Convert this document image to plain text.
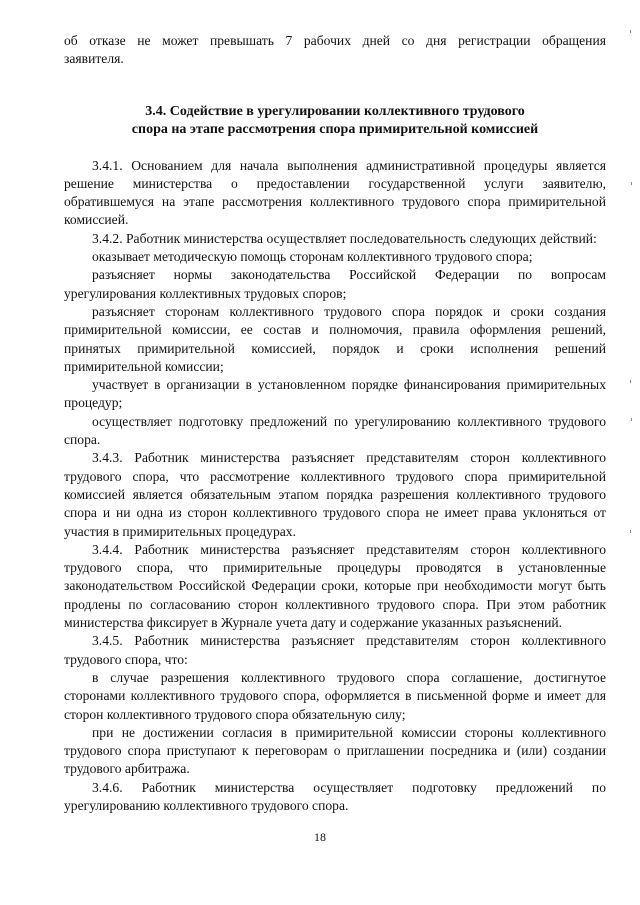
об отказе не может превышать 7 рабочих дней со дня регистрации обращения

заявителя.

3.4. Содействие в урегулировании коллективного трудового
спора на этапе рассмотрения спора примирительной комиссией

3.4.1. Основанием для начала выполнения административной процедуры является решение министерства о предоставлении государственной услуги заявителю, обратившемуся на этапе рассмотрения коллективного трудового спора примирительной комиссией.

3.4.2. Работник министерства осуществляет последовательность следующих действий:

оказывает методическую помощь сторонам коллективного трудового спора;

разъясняет нормы законодательства Российской Федерации по вопросам урегулирования коллективных трудовых споров;

разъясняет сторонам коллективного трудового спора порядок и сроки создания примирительной комиссии, ее состав и полномочия, правила оформления решений, принятых примирительной комиссией, порядок и сроки исполнения решений примирительной комиссии;

участвует в организации в установленном порядке финансирования примирительных процедур;

осуществляет подготовку предложений по урегулированию коллективного трудового спора.

3.4.3. Работник министерства разъясняет представителям сторон коллективного трудового спора, что рассмотрение коллективного трудового спора примирительной комиссией является обязательным этапом порядка разрешения коллективного трудового спора и ни одна из сторон коллективного трудового спора не имеет права уклоняться от участия в примирительных процедурах.

3.4.4. Работник министерства разъясняет представителям сторон коллективного трудового спора, что примирительные процедуры проводятся в установленные законодательством Российской Федерации сроки, которые при необходимости могут быть продлены по согласованию сторон коллективного трудового спора. При этом работник министерства фиксирует в Журнале учета дату и содержание указанных разъяснений.

3.4.5. Работник министерства разъясняет представителям сторон коллективного трудового спора, что:

в случае разрешения коллективного трудового спора соглашение, достигнутое сторонами коллективного трудового спора, оформляется в письменной форме и имеет для сторон коллективного трудового спора обязательную силу;

при не достижении согласия в примирительной комиссии стороны коллективного трудового спора приступают к переговорам о приглашении посредника и (или) создании трудового арбитража.

3.4.6. Работник министерства осуществляет подготовку предложений по урегулированию коллективного трудового спора.

18
